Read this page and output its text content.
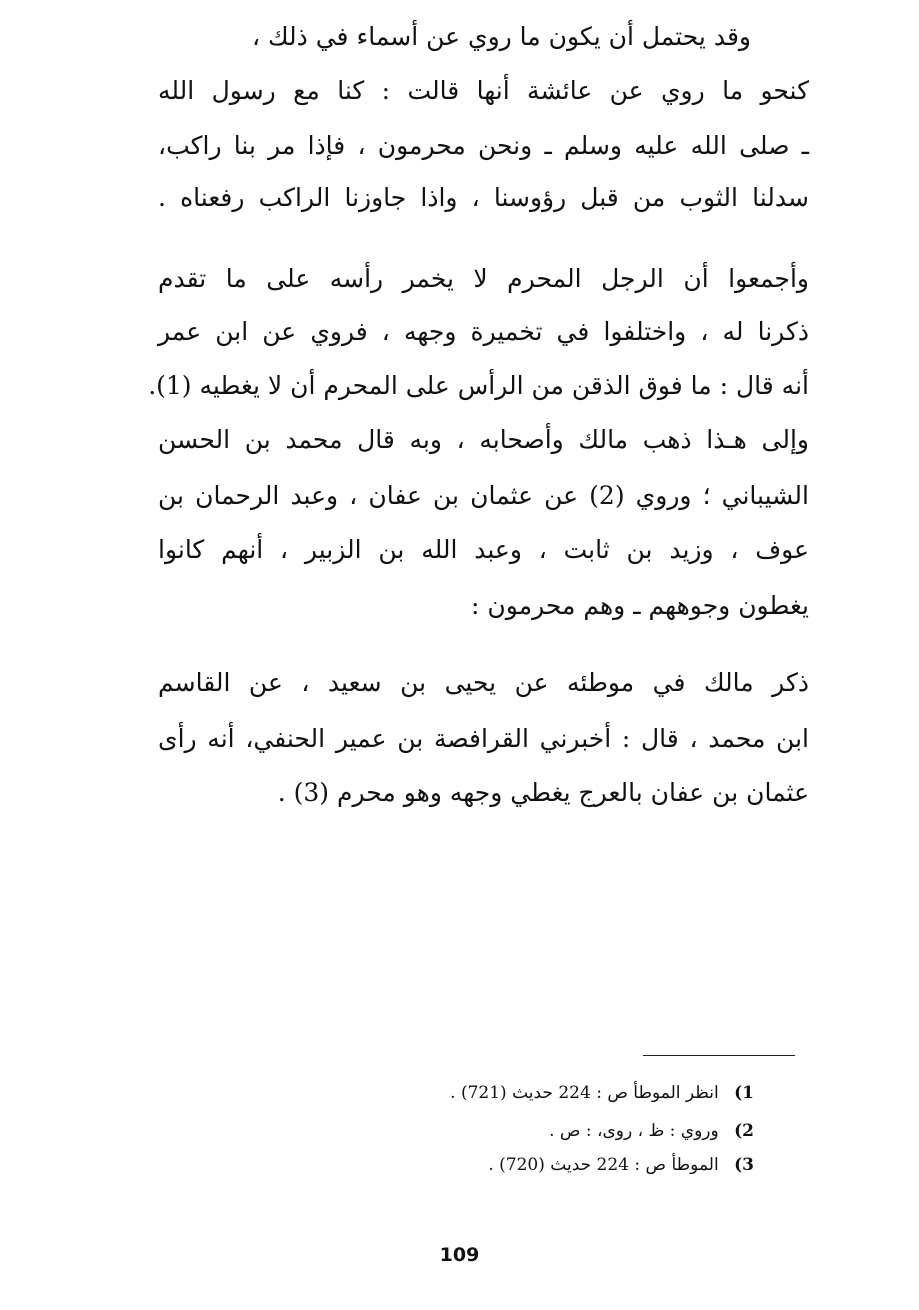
وقد يحتمل أن يكون ما روي عن أسماء في ذلك ،
كنحو ما روي عن عائشة أنها قالت : كنا مع رسول الله
ـ صلى الله عليه وسلم ـ ونحن محرمون ، فإذا مر بنا راكب،
سدلنا الثوب من قبل رؤوسنا ، واذا جاوزنا الراكب رفعناه .
وأجمعوا أن الرجل المحرم لا يخمر رأسه على ما تقدم
ذكرنا له ، واختلفوا في تخميرة وجهه ، فروي عن ابن عمر
أنه قال : ما فوق الذقن من الرأس على المحرم أن لا يغطيه (1).
وإلى هـذا ذهب مالك وأصحابه ، وبه قال محمد بن الحسن
الشيباني ؛ وروي (2) عن عثمان بن عفان ، وعبد الرحمان بن
عوف ، وزيد بن ثابت ، وعبد الله بن الزبير ، أنهم كانوا
يغطون وجوههم ـ وهم محرمون :
ذكر مالك في موطئه عن يحيى بن سعيد ، عن القاسم
ابن محمد ، قال : أخبرني القرافصة بن عمير الحنفي، أنه رأى
عثمان بن عفان بالعرج يغطي وجهه وهو محرم (3) .
1) انظر الموطأ ص : 224 حديث (721) .
2) وروي : ظ ، روى، : ص .
3) الموطأ ص : 224 حديث (720) .
109
